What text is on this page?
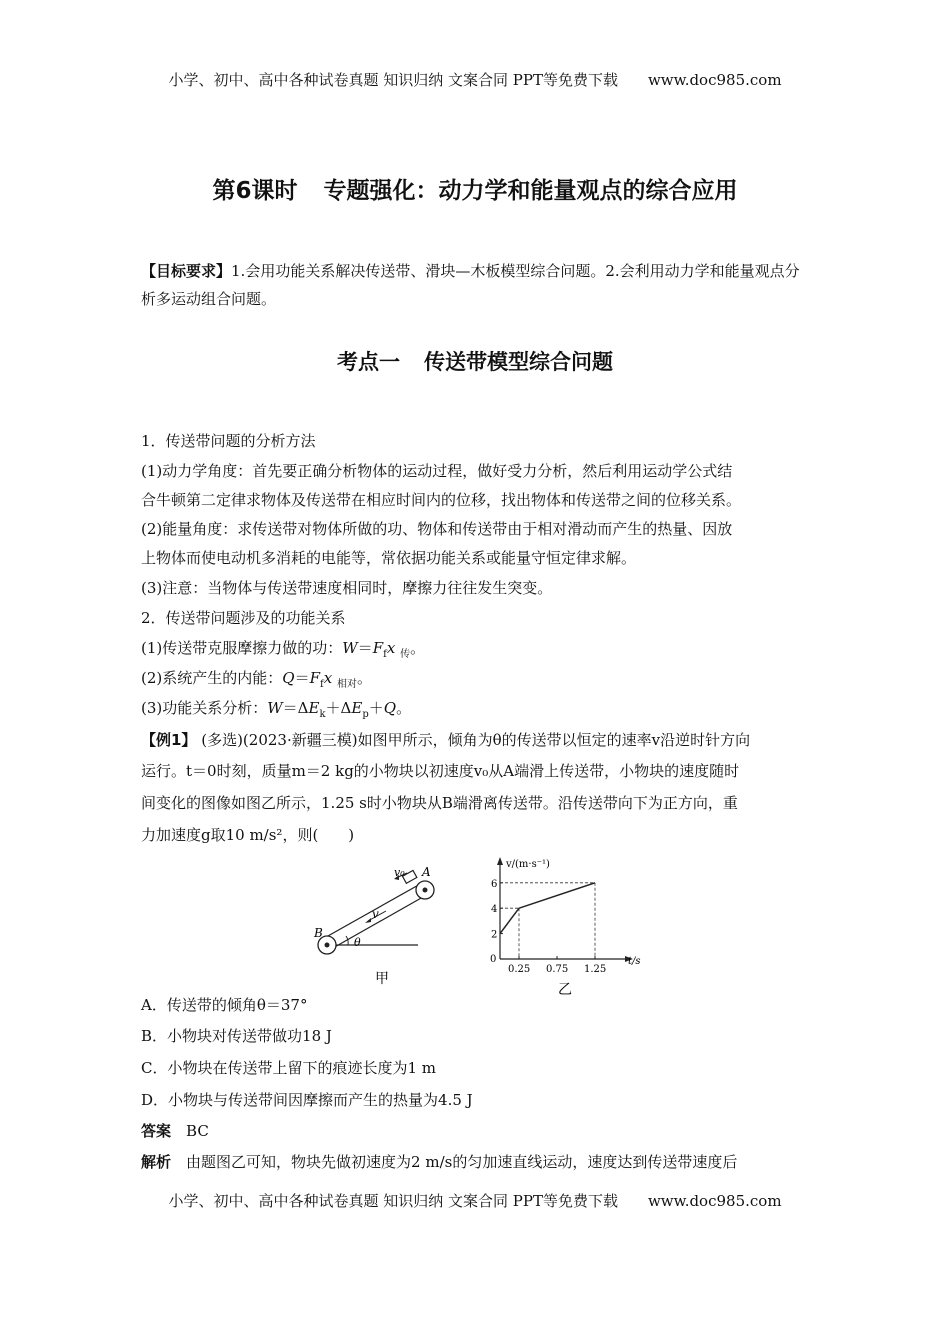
小学、初中、高中各种试卷真题 知识归纳 文案合同 PPT等免费下载 www.doc985.com
第6课时 专题强化：动力学和能量观点的综合应用
【目标要求】1.会用功能关系解决传送带、滑块—木板模型综合问题。2.会利用动力学和能量观点分析多运动组合问题。
考点一 传送带模型综合问题
1．传送带问题的分析方法
(1)动力学角度：首先要正确分析物体的运动过程，做好受力分析，然后利用运动学公式结
合牛顿第二定律求物体及传送带在相应时间内的位移，找出物体和传送带之间的位移关系。
(2)能量角度：求传送带对物体所做的功、物体和传送带由于相对滑动而产生的热量、因放
上物体而使电动机多消耗的电能等，常依据功能关系或能量守恒定律求解。
(3)注意：当物体与传送带速度相同时，摩擦力往往发生突变。
2．传送带问题涉及的功能关系
(1)传送带克服摩擦力做的功：$W=F_fx$ $_传$。
(2)系统产生的内能：$Q=F_fx$ $_{相对}$。
(3)功能关系分析：$W=\Delta E_k+\Delta E_p+Q$。
【例1】 (多选)(2023·新疆三模)如图甲所示，倾角为θ的传送带以恒定的速率v沿逆时针方向
运行。t＝0时刻，质量m＝2 kg的小物块以初速度v₀从A端滑上传送带，小物块的速度随时
间变化的图像如图乙所示，1.25 s时小物块从B端滑离传送带。沿传送带向下为正方向，重
力加速度g取10 m/s²，则(　　)
v₀ A
B
v
θ
甲
2
4
6
0.25 0.75 1.25
v/(m·s⁻¹)
t/s
0
乙
A．传送带的倾角θ＝37°
B．小物块对传送带做功18 J
C．小物块在传送带上留下的痕迹长度为1 m
D．小物块与传送带间因摩擦而产生的热量为4.5 J
答案　 BC
解析　 由题图乙可知，物块先做初速度为2 m/s的匀加速直线运动，速度达到传送带速度后
小学、初中、高中各种试卷真题 知识归纳 文案合同 PPT等免费下载 www.doc985.com
